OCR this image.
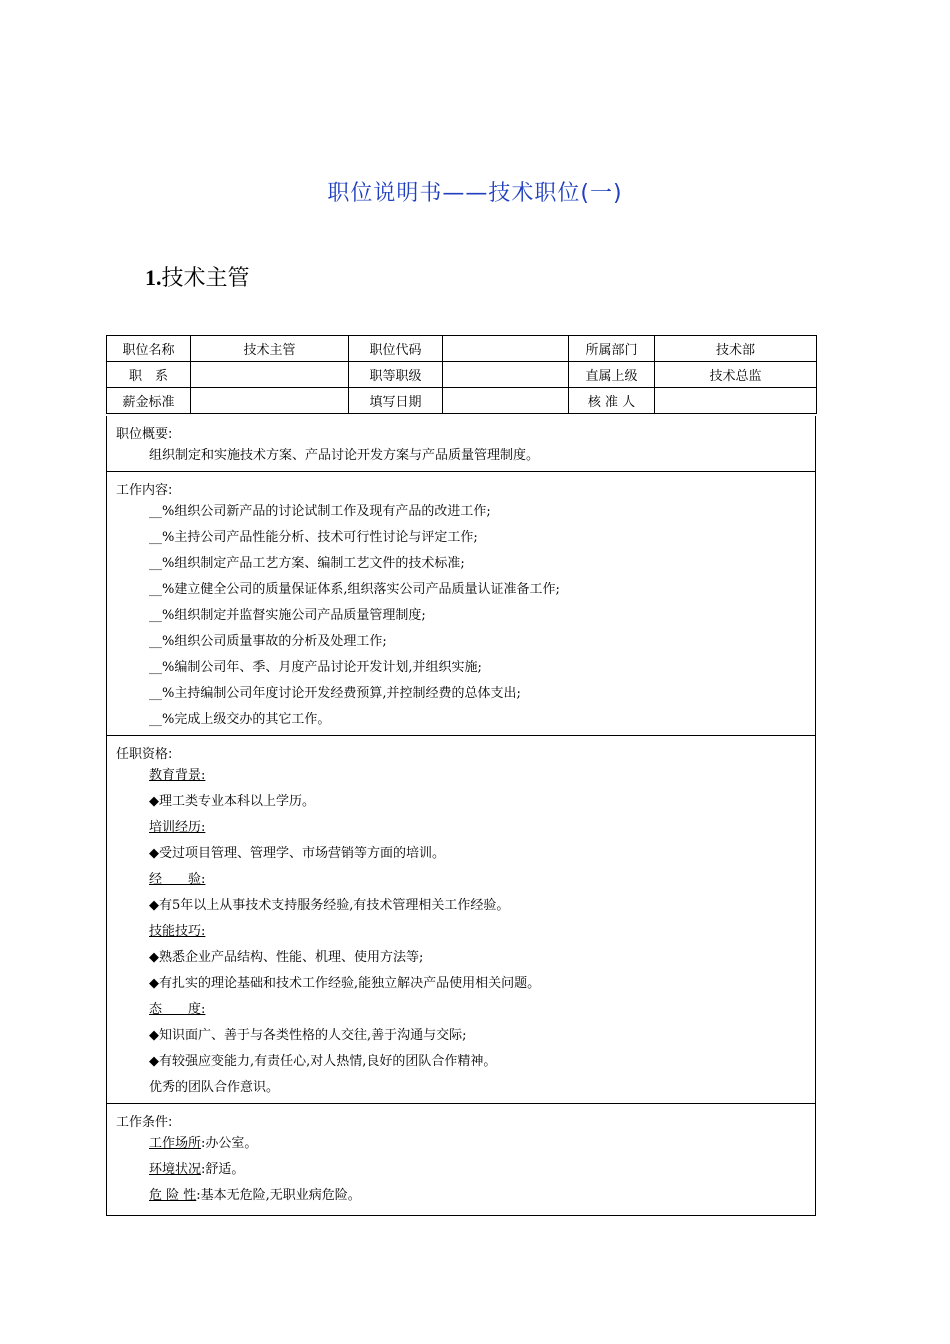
职位说明书——技术职位(一)
1.技术主管
职位名称	技术主管	职位代码		所属部门	技术部
职　系		职等职级		直属上级	技术总监
薪金标准		填写日期		核 准 人	
职位概要:
组织制定和实施技术方案、产品讨论开发方案与产品质量管理制度。
工作内容:
__%组织公司新产品的讨论试制工作及现有产品的改进工作;
__%主持公司产品性能分析、技术可行性讨论与评定工作;
__%组织制定产品工艺方案、编制工艺文件的技术标准;
__%建立健全公司的质量保证体系,组织落实公司产品质量认证准备工作;
__%组织制定并监督实施公司产品质量管理制度;
__%组织公司质量事故的分析及处理工作;
__%编制公司年、季、月度产品讨论开发计划,并组织实施;
__%主持编制公司年度讨论开发经费预算,并控制经费的总体支出;
__%完成上级交办的其它工作。
任职资格:
教育背景:
◆理工类专业本科以上学历。
培训经历:
◆受过项目管理、管理学、市场营销等方面的培训。
经　　验:
◆有5年以上从事技术支持服务经验,有技术管理相关工作经验。
技能技巧:
◆熟悉企业产品结构、性能、机理、使用方法等;
◆有扎实的理论基础和技术工作经验,能独立解决产品使用相关问题。
态　　度:
◆知识面广、善于与各类性格的人交往,善于沟通与交际;
◆有较强应变能力,有责任心,对人热情,良好的团队合作精神。
优秀的团队合作意识。
工作条件:
工作场所:办公室。
环境状况:舒适。
危 险 性:基本无危险,无职业病危险。
